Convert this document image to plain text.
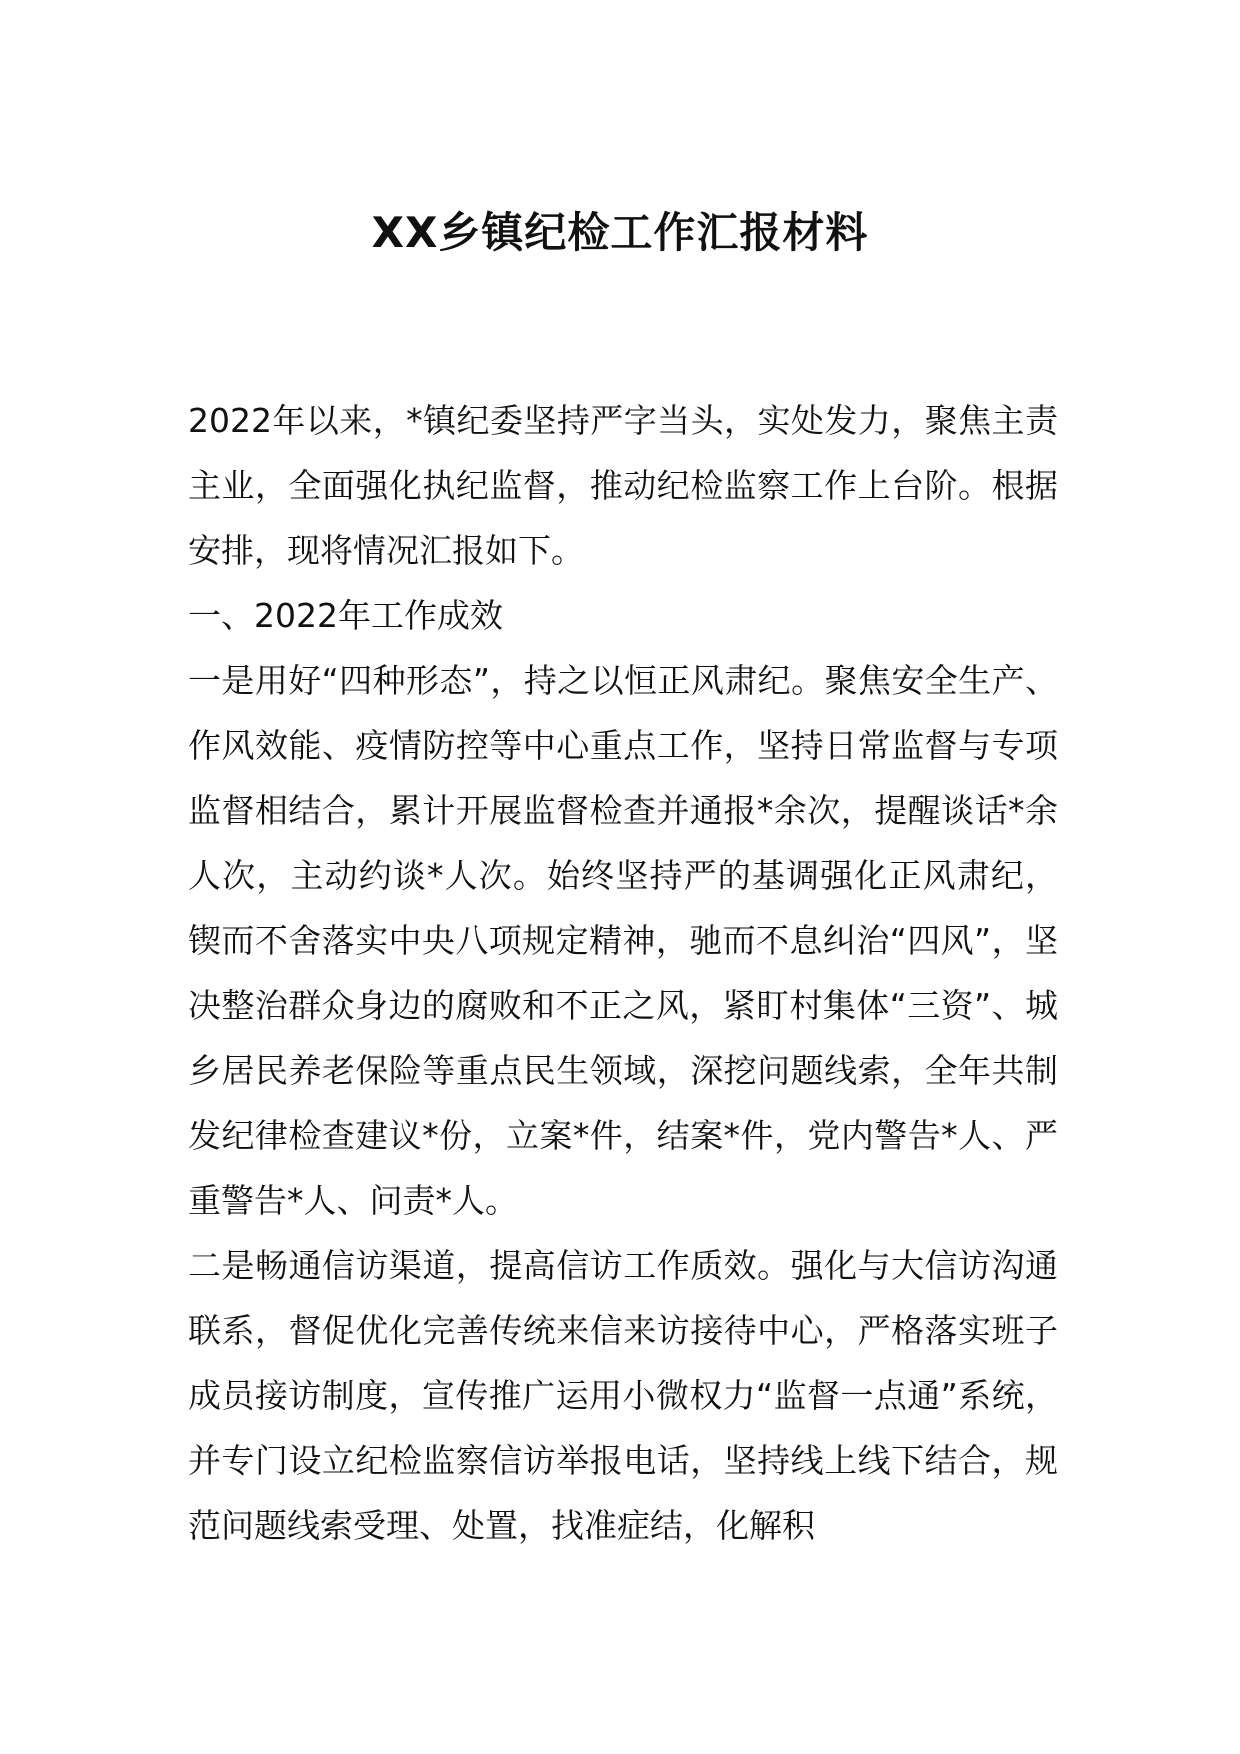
XX乡镇纪检工作汇报材料

2022年以来，*镇纪委坚持严字当头，实处发力，聚焦主责主业，全面强化执纪监督，推动纪检监察工作上台阶。根据安排，现将情况汇报如下。

一、2022年工作成效

一是用好“四种形态”，持之以恒正风肃纪。聚焦安全生产、作风效能、疫情防控等中心重点工作，坚持日常监督与专项监督相结合，累计开展监督检查并通报*余次，提醒谈话*余人次，主动约谈*人次。始终坚持严的基调强化正风肃纪，锲而不舍落实中央八项规定精神，驰而不息纠治“四风”，坚决整治群众身边的腐败和不正之风，紧盯村集体“三资”、城乡居民养老保险等重点民生领域，深挖问题线索，全年共制发纪律检查建议*份，立案*件，结案*件，党内警告*人、严重警告*人、问责*人。

二是畅通信访渠道，提高信访工作质效。强化与大信访沟通联系，督促优化完善传统来信来访接待中心，严格落实班子成员接访制度，宣传推广运用小微权力“监督一点通”系统，并专门设立纪检监察信访举报电话，坚持线上线下结合，规范问题线索受理、处置，找准症结，化解积
